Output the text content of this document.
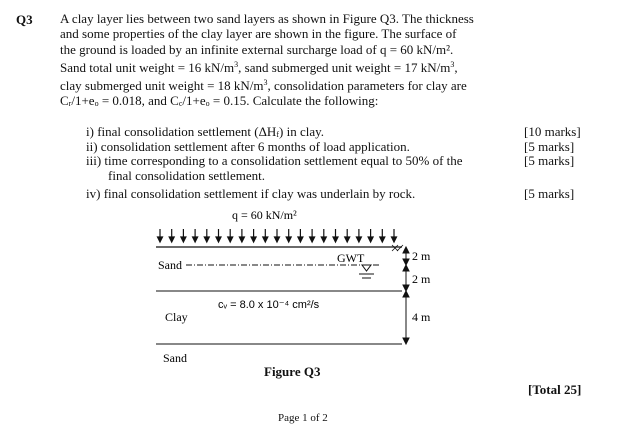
Q3 A clay layer lies between two sand layers as shown in Figure Q3. The thickness

and some properties of the clay layer are shown in the figure. The surface of

the ground is loaded by an infinite external surcharge load of q = 60 kN/m².

Sand total unit weight = 16 $kN/m^3$, sand submerged unit weight = 17 $kN/m^3$,

clay submerged unit weight = 18 $kN/m^3$, consolidation parameters for clay are

$C_r/1+e_o = 0.018$, and $C_c/1+e_o = 0.15$. Calculate the following:

i) final consolidation settlement $(\Delta H_f)$ in clay.	[10 marks]
ii) consolidation settlement after 6 months of load application.	[5 marks]
iii) time corresponding to a consolidation settlement equal to 50% of the	[5 marks]
final consolidation settlement.
iv) final consolidation settlement if clay was underlain by rock.	[5 marks]
q = 60 kN/m²
Sand	GWT
cᵥ = 8.0 x 10⁻⁴ cm²/s
Clay
Sand
2 m
2 m
4 m
Figure Q3
[Total 25]
Page 1 of 2
